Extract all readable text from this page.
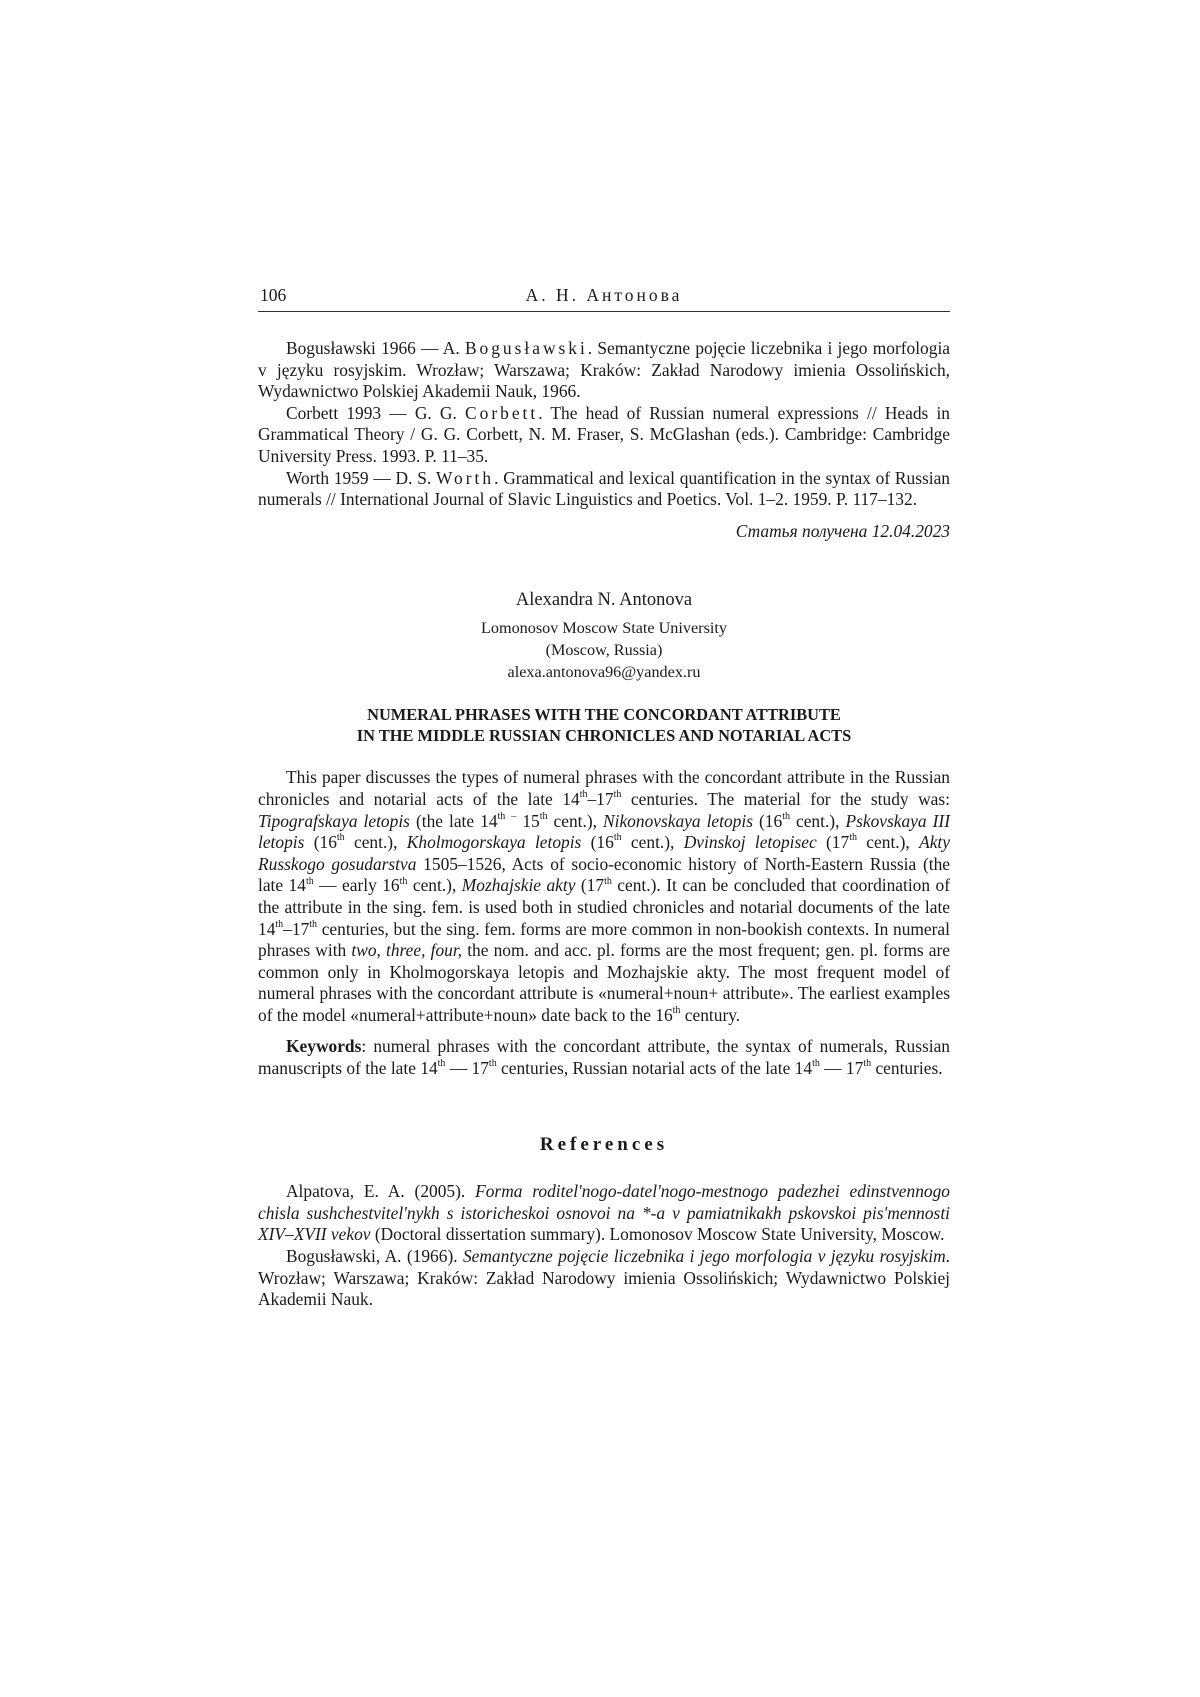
106	А. Н. Антонова

Bogusławski 1966 — A. Bogusławski. Semantyczne pojęcie liczebnika i jego morfologia v języku rosyjskim. Wrozław; Warszawa; Kraków: Zakład Narodowy imienia Ossolińskich, Wydawnictwo Polskiej Akademii Nauk, 1966.

Corbett 1993 — G. G. Corbett. The head of Russian numeral expressions // Heads in Grammatical Theory / G. G. Corbett, N. M. Fraser, S. McGlashan (eds.). Cambridge: Cambridge University Press. 1993. P. 11–35.

Worth 1959 — D. S. Worth. Grammatical and lexical quantification in the syntax of Russian numerals // International Journal of Slavic Linguistics and Poetics. Vol. 1–2. 1959. P. 117–132.

Статья получена 12.04.2023

Alexandra N. Antonova
Lomonosov Moscow State University
(Moscow, Russia)
alexa.antonova96@yandex.ru
NUMERAL PHRASES WITH THE CONCORDANT ATTRIBUTE
IN THE MIDDLE RUSSIAN CHRONICLES AND NOTARIAL ACTS

This paper discusses the types of numeral phrases with the concordant attribute in the Russian chronicles and notarial acts of the late 14th–17th centuries. The material for the study was: Tipografskaya letopis (the late 14th – 15th cent.), Nikonovskaya letopis (16th cent.), Pskovskaya III letopis (16th cent.), Kholmogorskaya letopis (16th cent.), Dvinskoj letopisec (17th cent.), Akty Russkogo gosudarstva 1505–1526, Acts of socio-economic history of North-Eastern Russia (the late 14th — early 16th cent.), Mozhajskie akty (17th cent.). It can be concluded that coordination of the attribute in the sing. fem. is used both in studied chronicles and notarial documents of the late 14th–17th centuries, but the sing. fem. forms are more common in non-bookish contexts. In numeral phrases with two, three, four, the nom. and acc. pl. forms are the most frequent; gen. pl. forms are common only in Kholmogorskaya letopis and Mozhajskie akty. The most frequent model of numeral phrases with the concordant attribute is «numeral+noun+ attribute». The earliest examples of the model «numeral+attribute+noun» date back to the 16th century.

Keywords: numeral phrases with the concordant attribute, the syntax of numerals, Russian manuscripts of the late 14th — 17th centuries, Russian notarial acts of the late 14th — 17th centuries.

References

Alpatova, E. A. (2005). Forma roditel'nogo-datel'nogo-mestnogo padezhei edinstvennogo chisla sushchestvitel'nykh s istoricheskoi osnovoi na *-a v pamiatnikakh pskovskoi pis'mennosti XIV–XVII vekov (Doctoral dissertation summary). Lomonosov Moscow State University, Moscow.

Bogusławski, A. (1966). Semantyczne pojęcie liczebnika i jego morfologia v języku rosyjskim. Wrozław; Warszawa; Kraków: Zakład Narodowy imienia Ossolińskich; Wydawnictwo Polskiej Akademii Nauk.
